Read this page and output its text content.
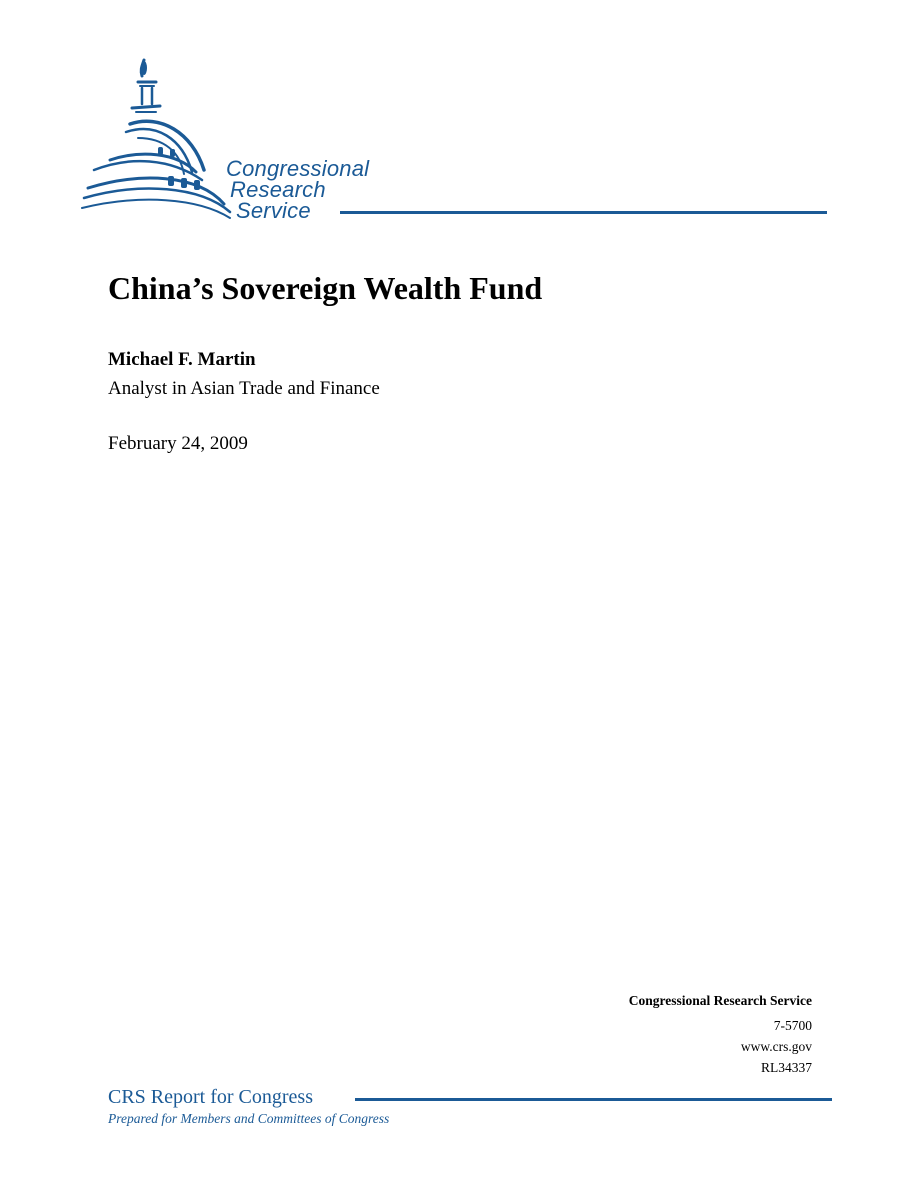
Congressional
Research
Service
China’s Sovereign Wealth Fund
Michael F. Martin
Analyst in Asian Trade and Finance
February 24, 2009
Congressional Research Service
7-5700
www.crs.gov
RL34337
CRS Report for Congress
Prepared for Members and Committees of Congress
